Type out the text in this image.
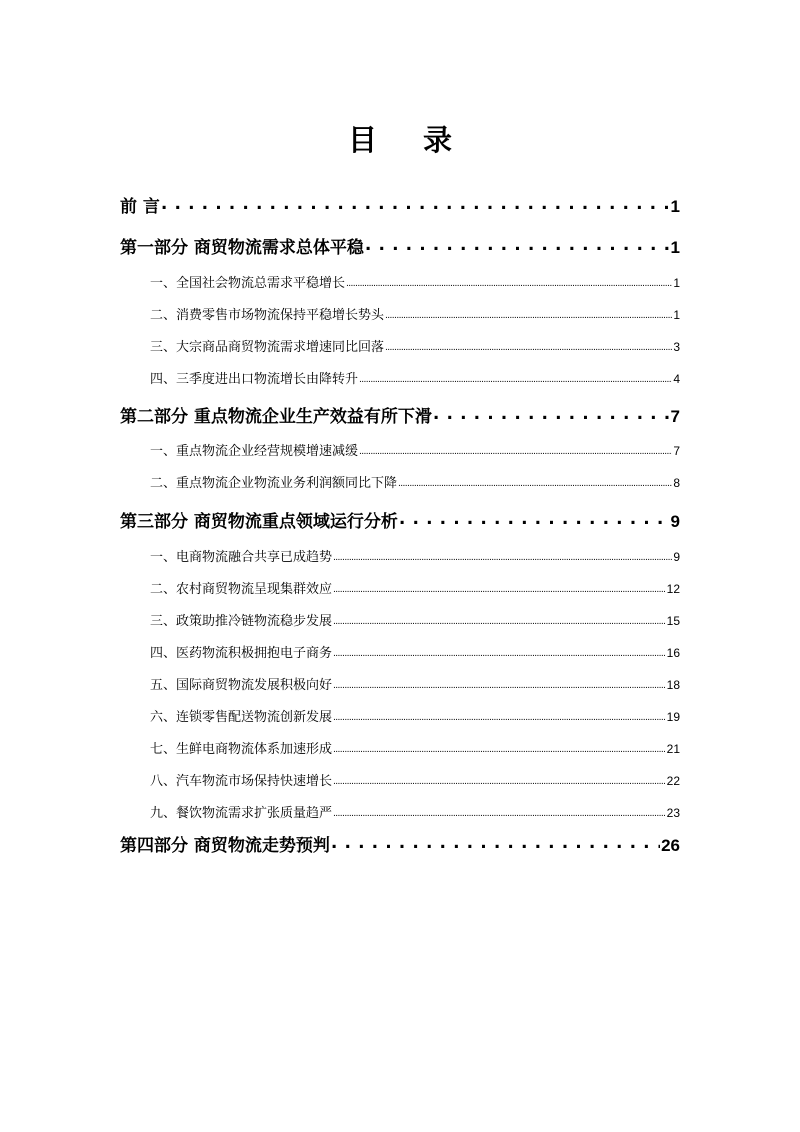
目 录
前 言 . . .	1
第一部分 商贸物流需求总体平稳 . . .	1
一、全国社会物流总需求平稳增长 .....	1
二、消费零售市场物流保持平稳增长势头 .....	1
三、大宗商品商贸物流需求增速同比回落 .....	3
四、三季度进出口物流增长由降转升 .....	4
第二部分 重点物流企业生产效益有所下滑 . . .	7
一、重点物流企业经营规模增速减缓 .....	7
二、重点物流企业物流业务利润额同比下降 .....	8
第三部分 商贸物流重点领域运行分析 . . .	9
一、电商物流融合共享已成趋势 .....	9
二、农村商贸物流呈现集群效应 .....	12
三、政策助推冷链物流稳步发展 .....	15
四、医药物流积极拥抱电子商务 .....	16
五、国际商贸物流发展积极向好 .....	18
六、连锁零售配送物流创新发展 .....	19
七、生鲜电商物流体系加速形成 .....	21
八、汽车物流市场保持快速增长 .....	22
九、餐饮物流需求扩张质量趋严 .....	23
第四部分 商贸物流走势预判 . . .	26
